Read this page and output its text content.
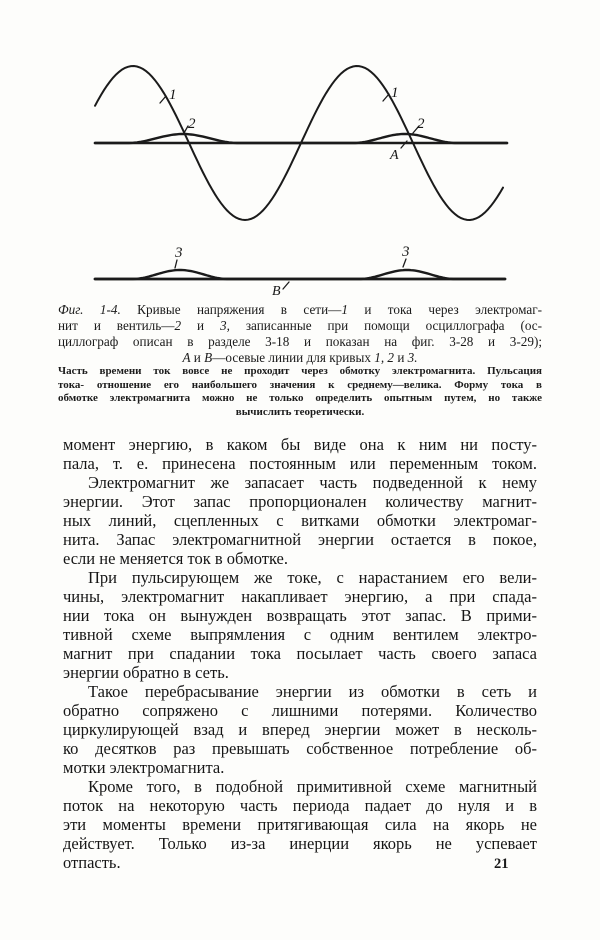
1	1
2	2
A
3	3
B
Фиг. 1-4. Кривые напряжения в сети—1 и тока через электромаг-
нит и вентиль—2 и 3, записанные при помощи осциллографа (ос-
циллограф описан в разделе 3-18 и показан на фиг. 3-28 и 3-29);
А и В—осевые линии для кривых 1, 2 и 3.
Часть времени ток вовсе не проходит через обмотку электромагнита. Пульсация
тока- отношение его наибольшего значения к среднему—велика. Форму тока в
обмотке электромагнита можно не только определить опытным путем, но также
вычислить теоретически.
момент энергию, в каком бы виде она к ним ни посту-
пала, т. е. принесена постоянным или переменным током.
Электромагнит же запасает часть подведенной к нему
энергии. Этот запас пропорционален количеству магнит-
ных линий, сцепленных с витками обмотки электромаг-
нита. Запас электромагнитной энергии остается в покое,
если не меняется ток в обмотке.
При пульсирующем же токе, с нарастанием его вели-
чины, электромагнит накапливает энергию, а при спада-
нии тока он вынужден возвращать этот запас. В прими-
тивной схеме выпрямления с одним вентилем электро-
магнит при спадании тока посылает часть своего запаса
энергии обратно в сеть.
Такое перебрасывание энергии из обмотки в сеть и
обратно сопряжено с лишними потерями. Количество
циркулирующей взад и вперед энергии может в несколь-
ко десятков раз превышать собственное потребление об-
мотки электромагнита.
Кроме того, в подобной примитивной схеме магнитный
поток на некоторую часть периода падает до нуля и в
эти моменты времени притягивающая сила на якорь не
действует. Только из-за инерции якорь не успевает
отпасть.	21
